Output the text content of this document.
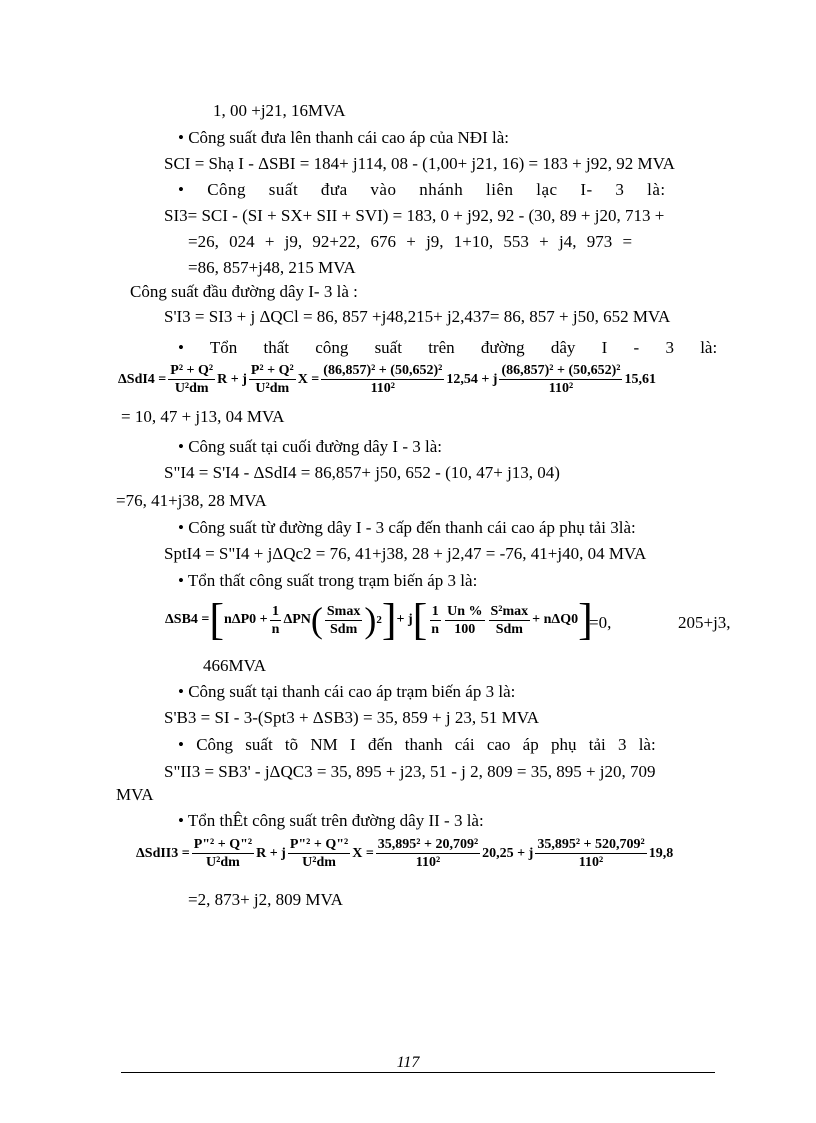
1, 00 +j21, 16MVA
• Công suất đưa lên thanh cái cao áp của NĐI là:
SCI = Shạ I - ΔSBI = 184+ j114, 08 - (1,00+ j21, 16) = 183 + j92, 92 MVA
• Công suất đưa vào nhánh liên lạc I- 3 là:
SI3= SCI - (SI + SX+ SII + SVI) = 183, 0 + j92, 92 - (30, 89 + j20, 713 +
=26, 024 + j9, 92+22, 676 + j9, 1+10, 553 + j4, 973 =
=86, 857+j48, 215 MVA
Công suất đầu đường dây I- 3 là :
S'I3 = SI3 + j ΔQCl = 86, 857 +j48,215+ j2,437= 86, 857 + j50, 652 MVA
• Tổn thất công suất trên đường dây I - 3 là:
$\Delta SdI4 = \frac{\text{P² + Q²}}{\text{U²dm}}$ R + j $\frac{\text{P² + Q²}}{\text{U²dm}}$ $X = \frac{\text{(86,857)² + (50,652)²}}{\text{110²}} 12,54 + j \frac{\text{(86,857)² + (50,652)²}}{\text{110²}} 15,61$
= 10, 47 + j13, 04 MVA
• Công suất tại cuối đường dây I - 3 là:
S"I4 = S'I4 - ΔSdI4 = 86,857+ j50, 652 - (10, 47+ j13, 04)
=76, 41+j38, 28 MVA
• Công suất từ đường dây I - 3 cấp đến thanh cái cao áp phụ tải 3là:
SptI4 = S"I4 + jΔQc2 = 76, 41+j38, 28 + j2,47 = -76, 41+j40, 04 MVA
• Tổn thất công suất trong trạm biến áp 3 là:
ΔSB4 = [ $n\Delta P0 + \frac{1}{n}$ ΔPN ( $\frac{Smax}{\text{Sdm}}$ ) 2 ] + j [ $\frac{1}{n} \frac{Un \%}{100} \frac{\text{S²max}}{\text{Sdm}} + n\Delta Q0$ ]
=0,	205+j3,
466MVA
• Công suất tại thanh cái cao áp trạm biến áp 3 là:
S'B3 = SI - 3-(Spt3 + ΔSB3) = 35, 859 + j 23, 51 MVA
• Công suất tõ NM I đến thanh cái cao áp phụ tải 3 là:
S"II3 = SB3' - jΔQC3 = 35, 895 + j23, 51 - j 2, 809 = 35, 895 + j20, 709
MVA
• Tổn thÊt công suất trên đường dây II - 3 là:
ΔSdII3 = $\frac{\text{P"² + Q"²}}{\text{U²dm}}$ R + j $\frac{\text{P"² + Q"²}}{\text{U²dm}}$ $X = \frac{\text{35,895² + 20,709²}}{\text{110²}} 20,25 + j \frac{\text{35,895² + 520,709²}}{\text{110²}} 19,8$
=2, 873+ j2, 809 MVA
117
